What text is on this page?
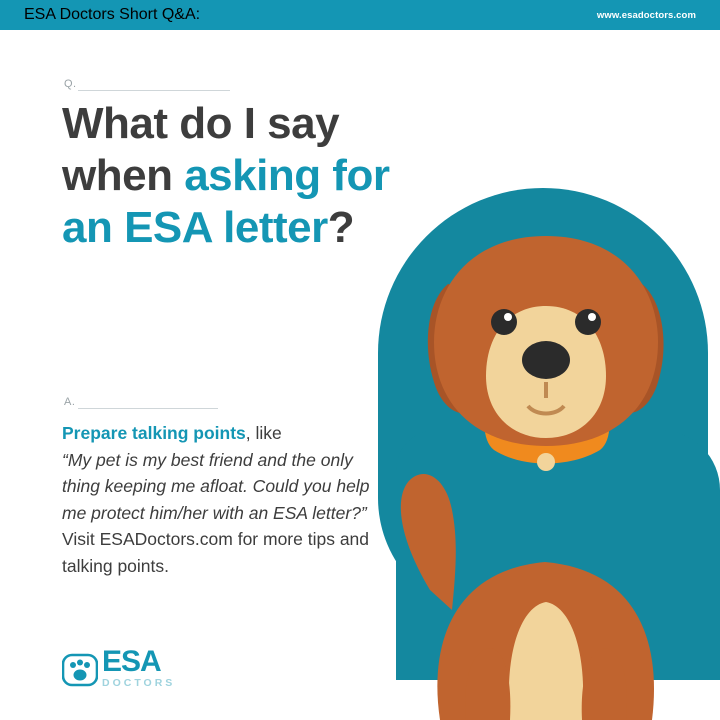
ESA Doctors Short Q&A:	www.esadoctors.com
Q.
What do I say
when asking for
an ESA letter?
A.
Prepare talking points, like
“My pet is my best friend and the only thing keeping me afloat. Could you help me protect him/her with an ESA letter?”
Visit ESADoctors.com for more tips and talking points.
ESA
DOCTORS
